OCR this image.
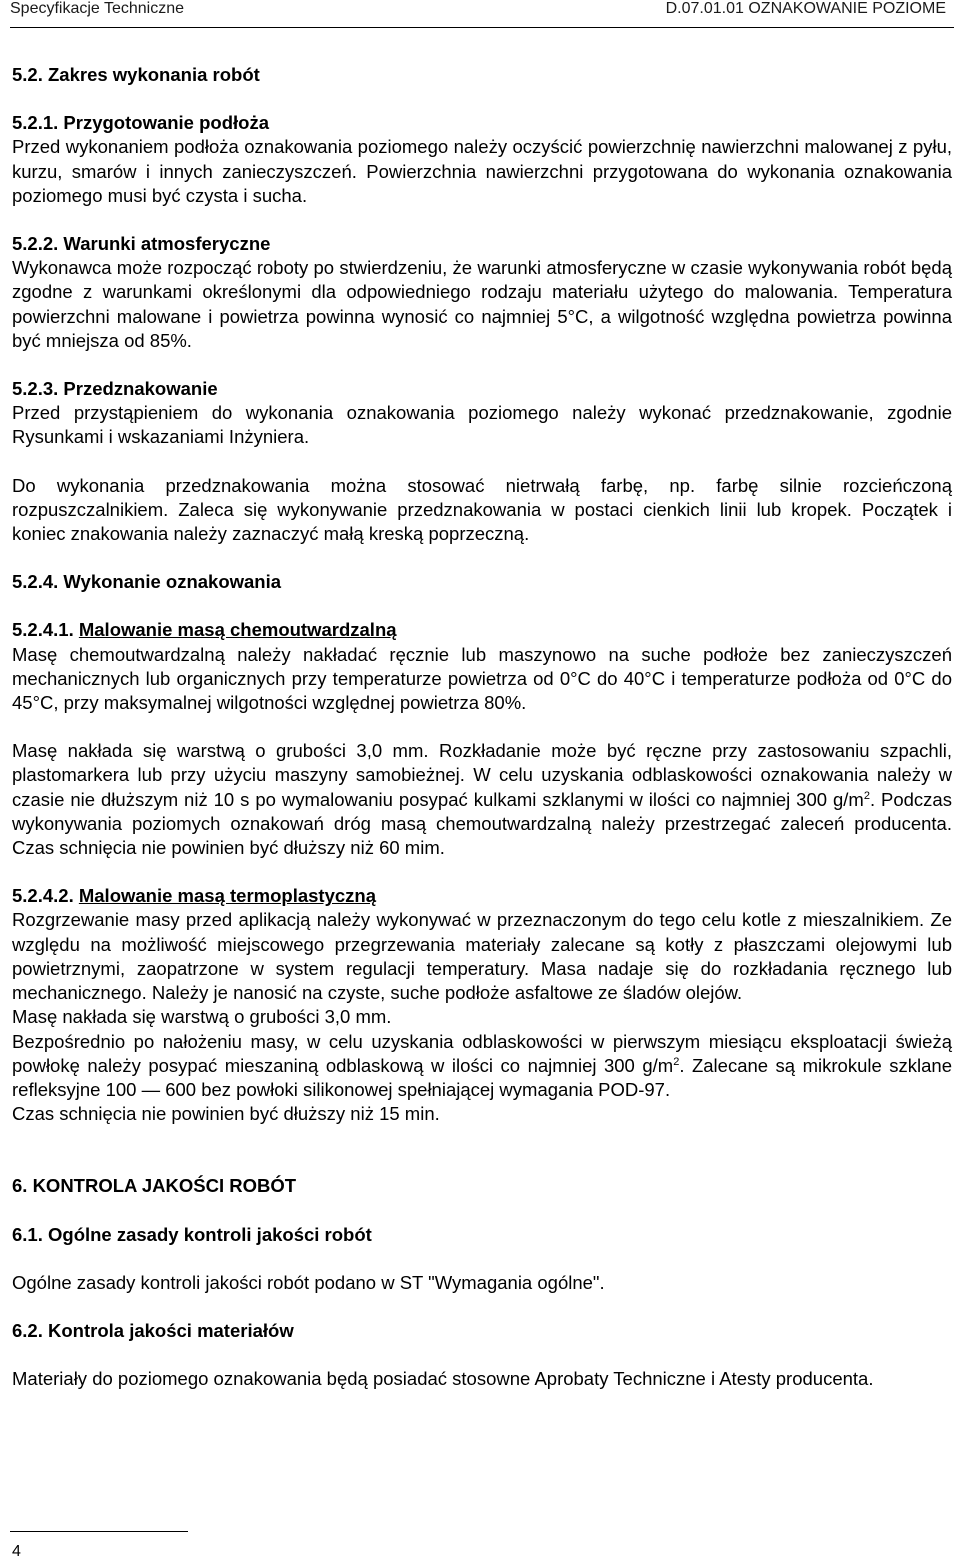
Specyfikacje Techniczne	D.07.01.01 OZNAKOWANIE POZIOME
5.2. Zakres wykonania robót
5.2.1. Przygotowanie podłoża

Przed wykonaniem podłoża oznakowania poziomego należy oczyścić powierzchnię nawierzchni malowanej z pyłu, kurzu, smarów i innych zanieczyszczeń. Powierzchnia nawierzchni przygotowana do wykonania oznakowania poziomego musi być czysta i sucha.

5.2.2. Warunki atmosferyczne

Wykonawca może rozpocząć roboty po stwierdzeniu, że warunki atmosferyczne w czasie wykonywania robót będą zgodne z warunkami określonymi dla odpowiedniego rodzaju materiału użytego do malowania. Temperatura powierzchni malowane i powietrza powinna wynosić co najmniej 5°C, a wilgotność względna powietrza powinna być mniejsza od 85%.

5.2.3. Przedznakowanie

Przed przystąpieniem do wykonania oznakowania poziomego należy wykonać przedznakowanie, zgodnie Rysunkami i wskazaniami Inżyniera.

Do wykonania przedznakowania można stosować nietrwałą farbę, np. farbę silnie rozcieńczoną rozpuszczalnikiem. Zaleca się wykonywanie przedznakowania w postaci cienkich linii lub kropek. Początek i koniec znakowania należy zaznaczyć małą kreską poprzeczną.

5.2.4. Wykonanie oznakowania
5.2.4.1. Malowanie masą chemoutwardzalną

Masę chemoutwardzalną należy nakładać ręcznie lub maszynowo na suche podłoże bez zanieczyszczeń mechanicznych lub organicznych przy temperaturze powietrza od 0°C do 40°C i temperaturze podłoża od 0°C do 45°C, przy maksymalnej wilgotności względnej powietrza 80%.

Masę nakłada się warstwą o grubości 3,0 mm. Rozkładanie może być ręczne przy zastosowaniu szpachli, plastomarkera lub przy użyciu maszyny samobieżnej. W celu uzyskania odblaskowości oznakowania należy w czasie nie dłuższym niż 10 s po wymalowaniu posypać kulkami szklanymi w ilości co najmniej 300 $g/m^2$. Podczas wykonywania poziomych oznakowań dróg masą chemoutwardzalną należy przestrzegać zaleceń producenta. Czas schnięcia nie powinien być dłuższy niż 60 mim.

5.2.4.2. Malowanie masą termoplastyczną

Rozgrzewanie masy przed aplikacją należy wykonywać w przeznaczonym do tego celu kotle z mieszalnikiem. Ze względu na możliwość miejscowego przegrzewania materiały zalecane są kotły z płaszczami olejowymi lub powietrznymi, zaopatrzone w system regulacji temperatury. Masa nadaje się do rozkładania ręcznego lub mechanicznego. Należy je nanosić na czyste, suche podłoże asfaltowe ze śladów olejów.

Masę nakłada się warstwą o grubości 3,0 mm.

Bezpośrednio po nałożeniu masy, w celu uzyskania odblaskowości w pierwszym miesiącu eksploatacji świeżą powłokę należy posypać mieszaniną odblaskową w ilości co najmniej 300 $g/m^2$. Zalecane są mikrokule szklane refleksyjne 100 — 600 bez powłoki silikonowej spełniającej wymagania POD-97.

Czas schnięcia nie powinien być dłuższy niż 15 min.

6. KONTROLA JAKOŚCI ROBÓT
6.1. Ogólne zasady kontroli jakości robót

Ogólne zasady kontroli jakości robót podano w ST "Wymagania ogólne".

6.2. Kontrola jakości materiałów

Materiały do poziomego oznakowania będą posiadać stosowne Aprobaty Techniczne i Atesty producenta.

4
